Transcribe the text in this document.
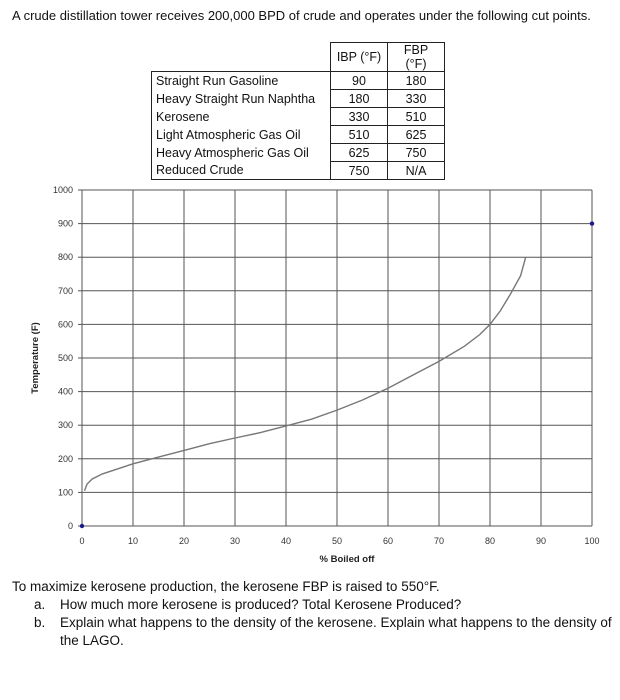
A crude distillation tower receives 200,000 BPD of crude and operates under the following cut points.
	IBP (°F)	FBP (°F)
Straight Run Gasoline	90	180
Heavy Straight Run Naphtha	180	330
Kerosene	330	510
Light Atmospheric Gas Oil	510	625
Heavy Atmospheric Gas Oil	625	750
Reduced Crude	750	N/A
0	10	20	30	40	50	60	70	80	90	100
0
100
200
300
400
500
600
700
800
900
1000
% Boiled off
Temperature (F)
To maximize kerosene production, the kerosene FBP is raised to 550°F.
a. How much more kerosene is produced? Total Kerosene Produced?
b. Explain what happens to the density of the kerosene. Explain what happens to the density of the LAGO.
